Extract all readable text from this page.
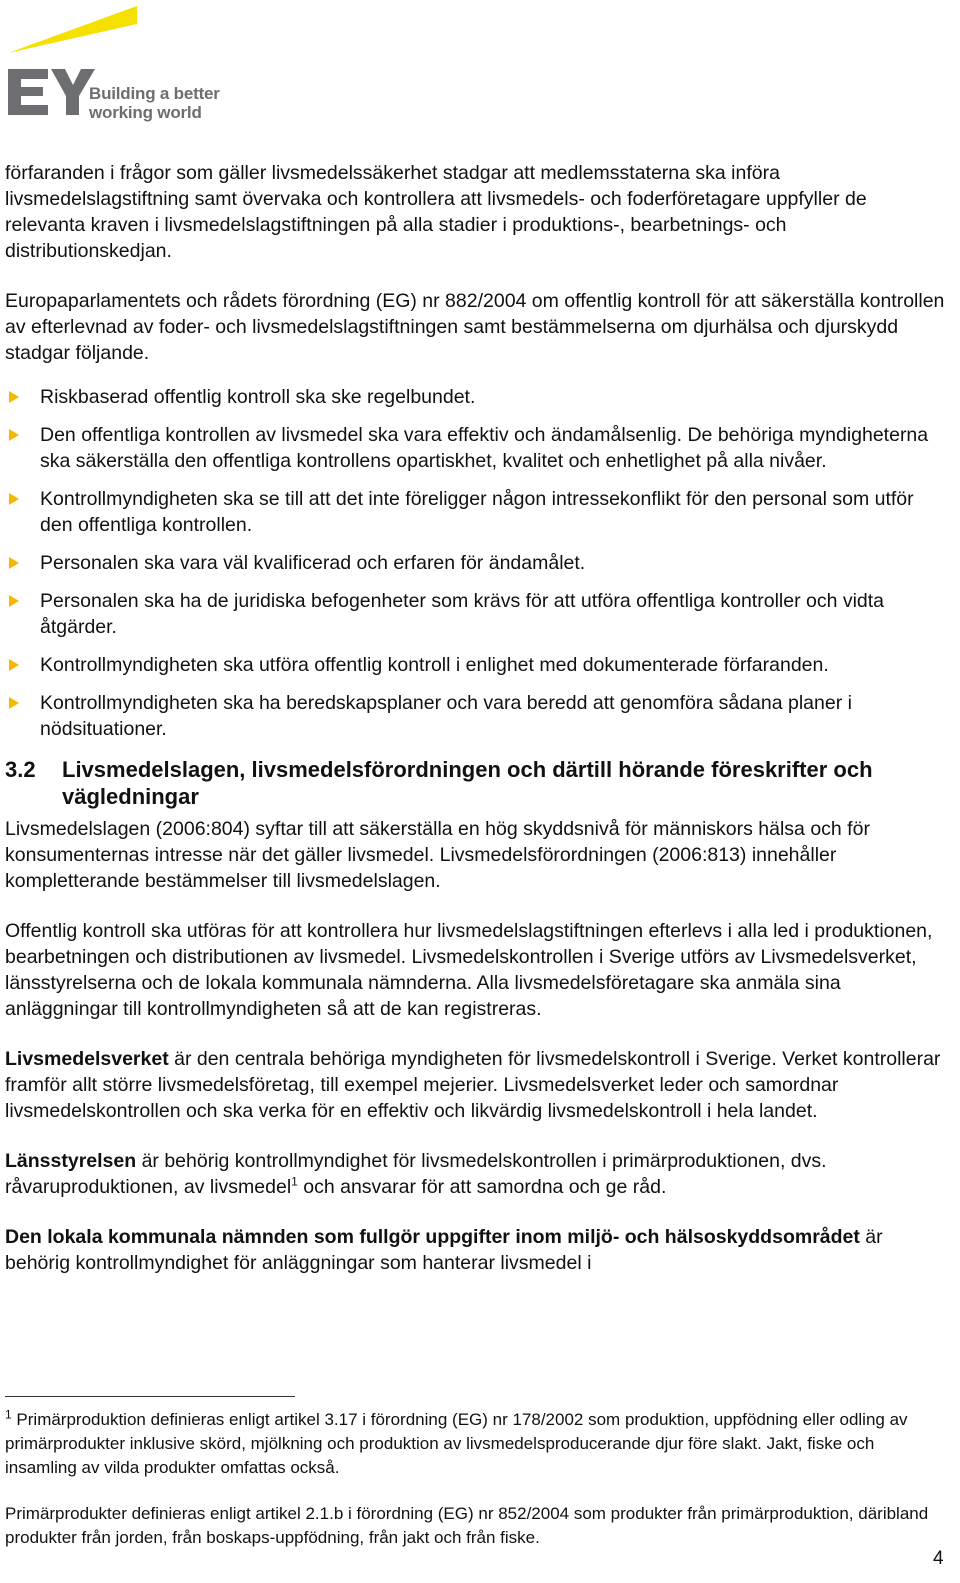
Building a better
working world

förfaranden i frågor som gäller livsmedelssäkerhet stadgar att medlemsstaterna ska införa livsmedelslagstiftning samt övervaka och kontrollera att livsmedels- och foderföretagare uppfyller de relevanta kraven i livsmedelslagstiftningen på alla stadier i produktions-, bearbetnings- och distributionskedjan.

Europaparlamentets och rådets förordning (EG) nr 882/2004 om offentlig kontroll för att säkerställa kontrollen av efterlevnad av foder- och livsmedelslagstiftningen samt bestämmelserna om djurhälsa och djurskydd stadgar följande.

Riskbaserad offentlig kontroll ska ske regelbundet.
Den offentliga kontrollen av livsmedel ska vara effektiv och ändamålsenlig. De behöriga myndigheterna ska säkerställa den offentliga kontrollens opartiskhet, kvalitet och enhetlighet på alla nivåer.
Kontrollmyndigheten ska se till att det inte föreligger någon intressekonflikt för den personal som utför den offentliga kontrollen.
Personalen ska vara väl kvalificerad och erfaren för ändamålet.
Personalen ska ha de juridiska befogenheter som krävs för att utföra offentliga kontroller och vidta åtgärder.
Kontrollmyndigheten ska utföra offentlig kontroll i enlighet med dokumenterade förfaranden.
Kontrollmyndigheten ska ha beredskapsplaner och vara beredd att genomföra sådana planer i nödsituationer.
3.2 Livsmedelslagen, livsmedelsförordningen och därtill hörande föreskrifter och vägledningar

Livsmedelslagen (2006:804) syftar till att säkerställa en hög skyddsnivå för människors hälsa och för konsumenternas intresse när det gäller livsmedel. Livsmedelsförordningen (2006:813) innehåller kompletterande bestämmelser till livsmedelslagen.

Offentlig kontroll ska utföras för att kontrollera hur livsmedelslagstiftningen efterlevs i alla led i produktionen, bearbetningen och distributionen av livsmedel. Livsmedelskontrollen i Sverige utförs av Livsmedelsverket, länsstyrelserna och de lokala kommunala nämnderna. Alla livsmedelsföretagare ska anmäla sina anläggningar till kontrollmyndigheten så att de kan registreras.

Livsmedelsverket är den centrala behöriga myndigheten för livsmedelskontroll i Sverige. Verket kontrollerar framför allt större livsmedelsföretag, till exempel mejerier. Livsmedelsverket leder och samordnar livsmedelskontrollen och ska verka för en effektiv och likvärdig livsmedelskontroll i hela landet.

Länsstyrelsen är behörig kontrollmyndighet för livsmedelskontrollen i primärproduktionen, dvs. råvaruproduktionen, av livsmedel$^1$ och ansvarar för att samordna och ge råd.

Den lokala kommunala nämnden som fullgör uppgifter inom miljö- och hälsoskyddsområdet är behörig kontrollmyndighet för anläggningar som hanterar livsmedel i

$^1$ Primärproduktion definieras enligt artikel 3.17 i förordning (EG) nr 178/2002 som produktion, uppfödning eller odling av primärprodukter inklusive skörd, mjölkning och produktion av livsmedelsproducerande djur före slakt. Jakt, fiske och insamling av vilda produkter omfattas också.

Primärprodukter definieras enligt artikel 2.1.b i förordning (EG) nr 852/2004 som produkter från primärproduktion, däribland produkter från jorden, från boskaps-uppfödning, från jakt och från fiske.

4
